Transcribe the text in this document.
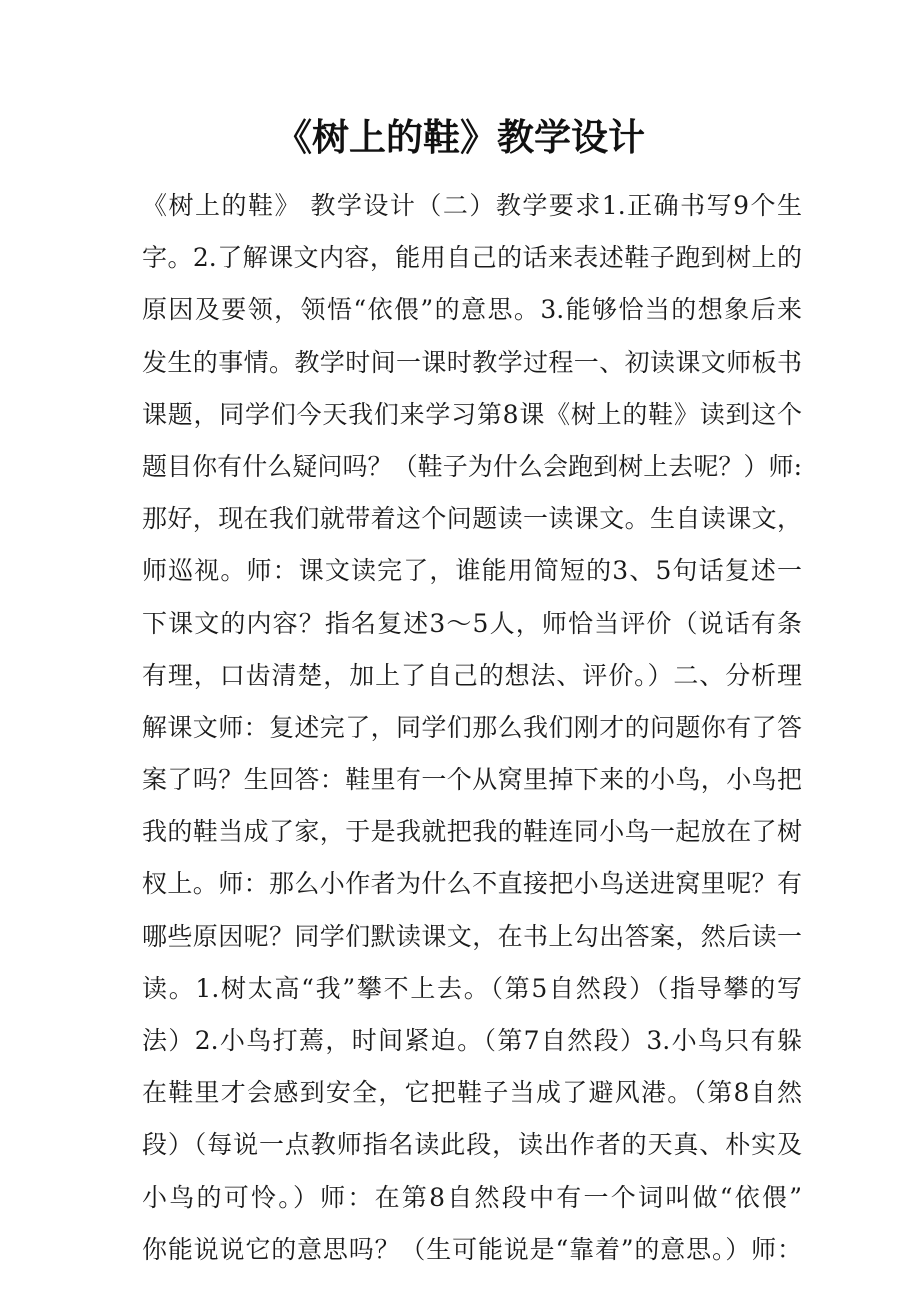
《树上的鞋》教学设计
《树上的鞋》 教学设计（二）教学要求1.正确书写9个生
字。2.了解课文内容，能用自己的话来表述鞋子跑到树上的
原因及要领，领悟“依偎”的意思。3.能够恰当的想象后来
发生的事情。教学时间一课时教学过程一、初读课文师板书
课题，同学们今天我们来学习第8课《树上的鞋》读到这个
题目你有什么疑问吗？（鞋子为什么会跑到树上去呢？）师:
那好，现在我们就带着这个问题读一读课文。生自读课文，
师巡视。师：课文读完了，谁能用简短的3、5句话复述一
下课文的内容？指名复述3～5人，师恰当评价（说话有条
有理，口齿清楚，加上了自己的想法、评价。）二、分析理
解课文师：复述完了，同学们那么我们刚才的问题你有了答
案了吗？生回答：鞋里有一个从窝里掉下来的小鸟，小鸟把
我的鞋当成了家，于是我就把我的鞋连同小鸟一起放在了树
杈上。师：那么小作者为什么不直接把小鸟送进窝里呢？有
哪些原因呢？同学们默读课文，在书上勾出答案，然后读一
读。1.树太高“我”攀不上去。（第5自然段）（指导攀的写
法）2.小鸟打蔫，时间紧迫。（第7自然段）3.小鸟只有躲
在鞋里才会感到安全，它把鞋子当成了避风港。（第8自然
段）（每说一点教师指名读此段，读出作者的天真、朴实及
小鸟的可怜。）师：在第8自然段中有一个词叫做“依偎”
你能说说它的意思吗？（生可能说是“靠着”的意思。）师：
